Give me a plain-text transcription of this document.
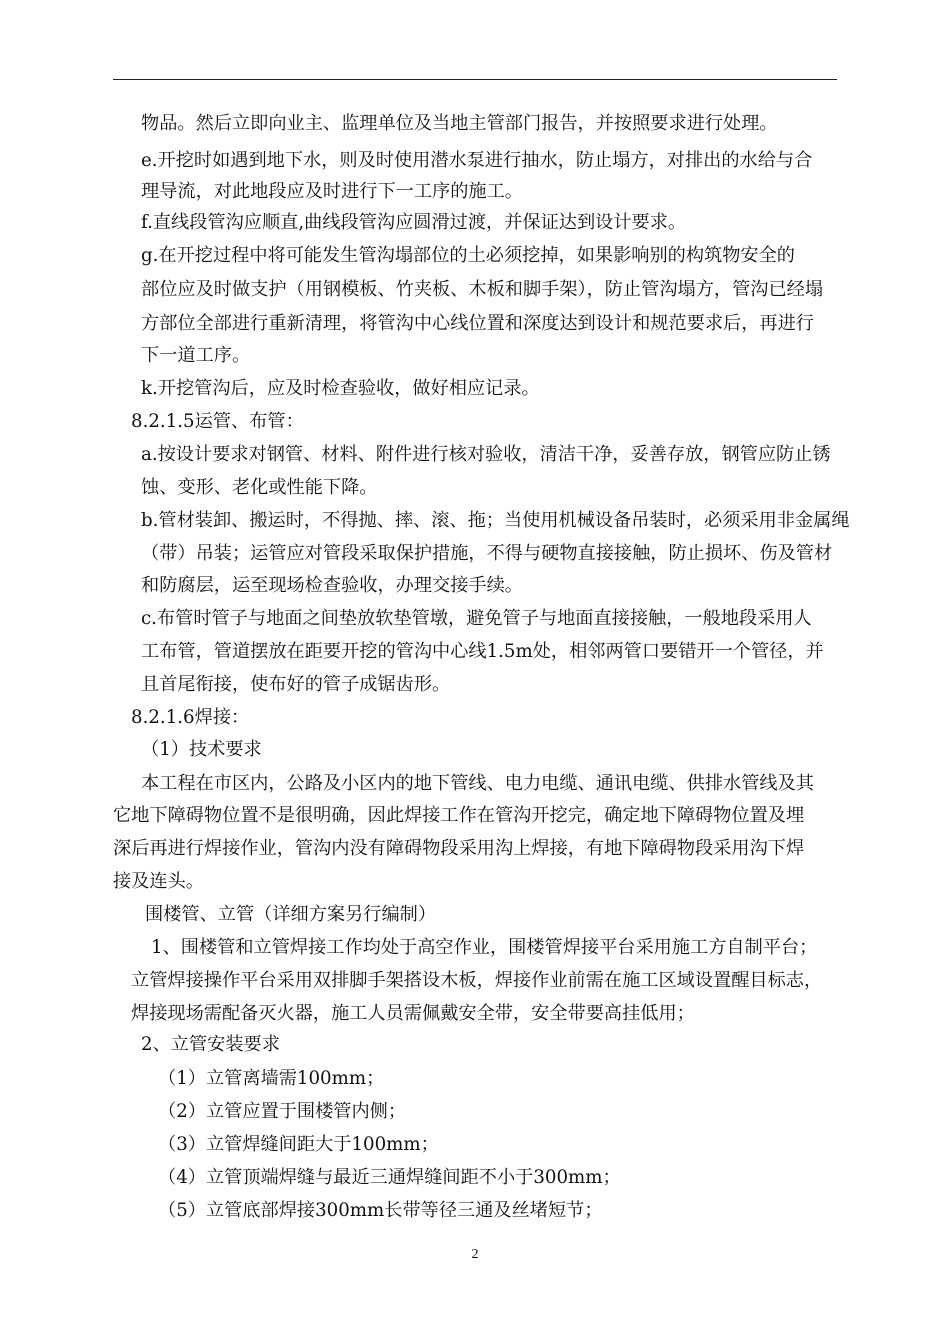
物品。然后立即向业主、监理单位及当地主管部门报告，并按照要求进行处理。
e.开挖时如遇到地下水，则及时使用潜水泵进行抽水，防止塌方，对排出的水给与合
理导流，对此地段应及时进行下一工序的施工。
f.直线段管沟应顺直,曲线段管沟应圆滑过渡，并保证达到设计要求。
g.在开挖过程中将可能发生管沟塌部位的土必须挖掉，如果影响别的构筑物安全的
部位应及时做支护（用钢模板、竹夹板、木板和脚手架），防止管沟塌方，管沟已经塌
方部位全部进行重新清理，将管沟中心线位置和深度达到设计和规范要求后，再进行
下一道工序。
k.开挖管沟后，应及时检查验收，做好相应记录。
8.2.1.5运管、布管：
a.按设计要求对钢管、材料、附件进行核对验收，清洁干净，妥善存放，钢管应防止锈
蚀、变形、老化或性能下降。
b.管材装卸、搬运时，不得抛、摔、滚、拖；当使用机械设备吊装时，必须采用非金属绳
（带）吊装；运管应对管段采取保护措施，不得与硬物直接接触，防止损坏、伤及管材
和防腐层，运至现场检查验收，办理交接手续。
c.布管时管子与地面之间垫放软垫管墩，避免管子与地面直接接触，一般地段采用人
工布管，管道摆放在距要开挖的管沟中心线1.5m处，相邻两管口要错开一个管径，并
且首尾衔接，使布好的管子成锯齿形。
8.2.1.6焊接：
（1）技术要求
本工程在市区内，公路及小区内的地下管线、电力电缆、通讯电缆、供排水管线及其
它地下障碍物位置不是很明确，因此焊接工作在管沟开挖完，确定地下障碍物位置及埋
深后再进行焊接作业，管沟内没有障碍物段采用沟上焊接，有地下障碍物段采用沟下焊
接及连头。
围楼管、立管（详细方案另行编制）
1、围楼管和立管焊接工作均处于高空作业，围楼管焊接平台采用施工方自制平台；
立管焊接操作平台采用双排脚手架搭设木板，焊接作业前需在施工区域设置醒目标志，
焊接现场需配备灭火器，施工人员需佩戴安全带，安全带要高挂低用；
2、立管安装要求
（1）立管离墙需100mm；
（2）立管应置于围楼管内侧；
（3）立管焊缝间距大于100mm；
（4）立管顶端焊缝与最近三通焊缝间距不小于300mm；
（5）立管底部焊接300mm长带等径三通及丝堵短节；
2
